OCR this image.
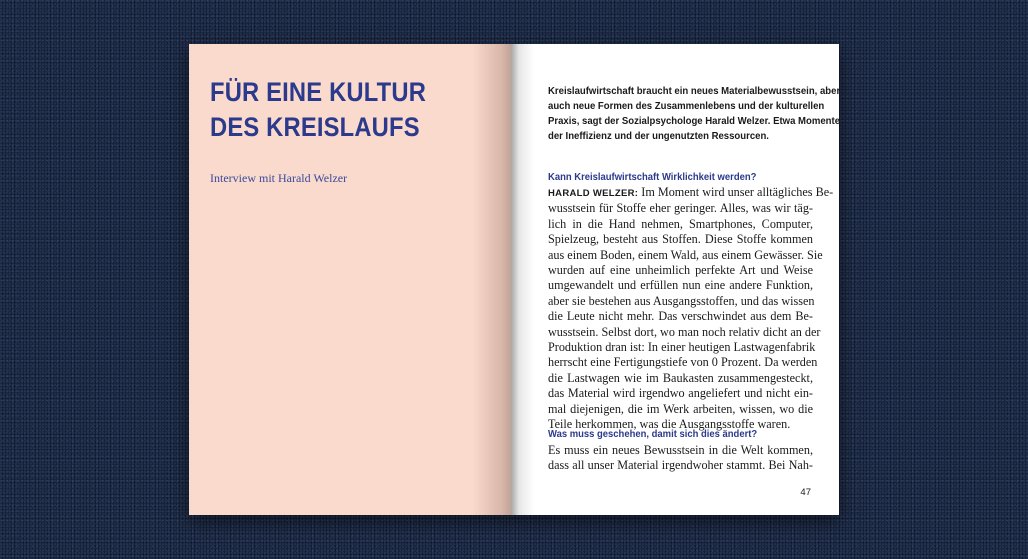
FÜR EINE KULTUR
DES KREISLAUFS
Interview mit Harald Welzer

Kreislaufwirtschaft braucht ein neues Materialbewusstsein, aber
auch neue Formen des Zusammenlebens und der kulturellen
Praxis, sagt der Sozialpsychologe Harald Welzer. Etwa Momente
der Ineffizienz und der ungenutzten Ressourcen.

Kann Kreislaufwirtschaft Wirklichkeit werden?

HARALD WELZER: Im Moment wird unser alltägliches Be-
wusstsein für Stoffe eher geringer. Alles, was wir täg-
lich in die Hand nehmen, Smartphones, Computer,
Spielzeug, besteht aus Stoffen. Diese Stoffe kommen
aus einem Boden, einem Wald, aus einem Gewässer. Sie
wurden auf eine unheimlich perfekte Art und Weise
umgewandelt und erfüllen nun eine andere Funktion,
aber sie bestehen aus Ausgangsstoffen, und das wissen
die Leute nicht mehr. Das verschwindet aus dem Be-
wusstsein. Selbst dort, wo man noch relativ dicht an der
Produktion dran ist: In einer heutigen Lastwagenfabrik
herrscht eine Fertigungstiefe von 0 Prozent. Da werden
die Lastwagen wie im Baukasten zusammengesteckt,
das Material wird irgendwo angeliefert und nicht ein-
mal diejenigen, die im Werk arbeiten, wissen, wo die
Teile herkommen, was die Ausgangsstoffe waren.

Was muss geschehen, damit sich dies ändert?

Es muss ein neues Bewusstsein in die Welt kommen,
dass all unser Material irgendwoher stammt. Bei Nah-

47
